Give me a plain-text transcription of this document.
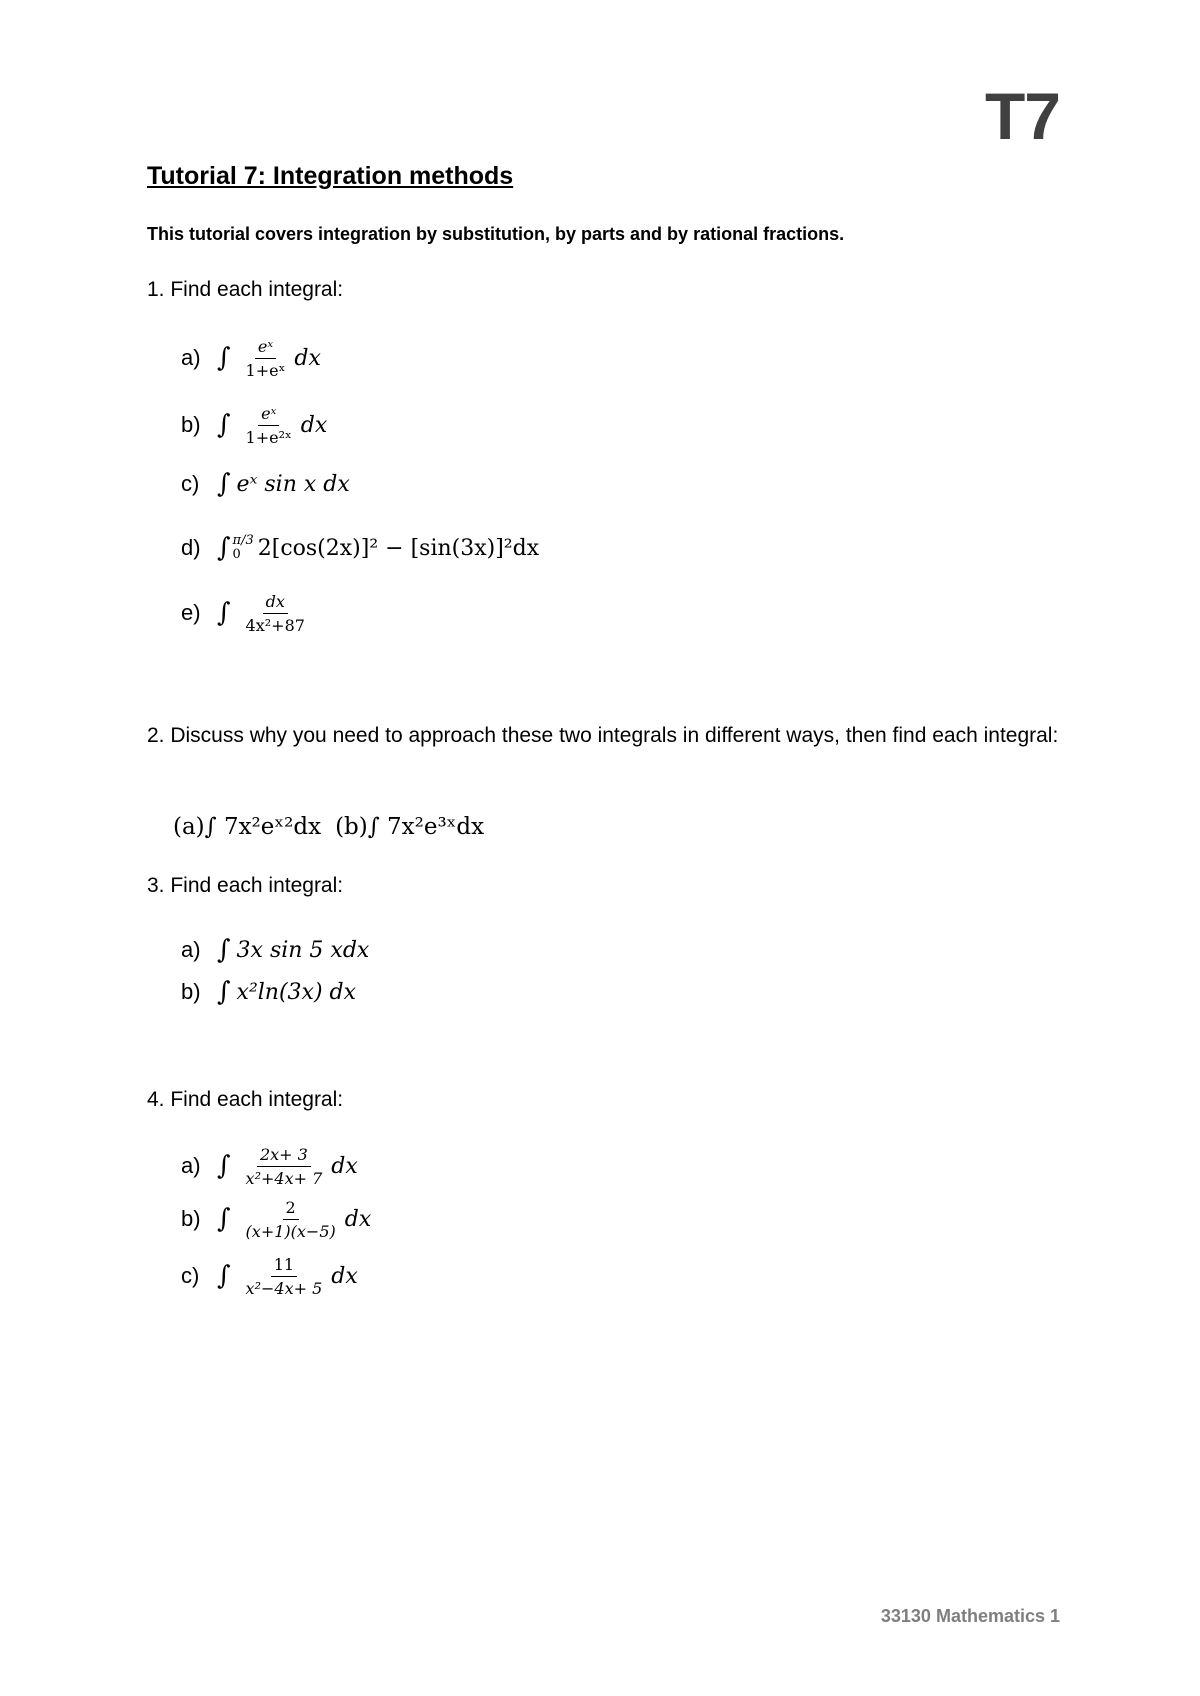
T7
Tutorial 7: Integration methods
This tutorial covers integration by substitution, by parts and by rational fractions.
1. Find each integral:
a) ∫ $\frac{\text{eˣ}}{\text{1+eˣ}}$ dx
b) ∫ $\frac{\text{eˣ}}{\text{1+e²ˣ}}$ dx
c) ∫ eˣ sin x dx
d) ∫ π/3
0 2[cos(2x)]² − [sin(3x)]²dx
e) ∫ $\frac{dx}{\text{4x²+87}}$
2. Discuss why you need to approach these two integrals in different ways, then find each integral:
(a)∫ 7x²eˣ²dx (b)∫ 7x²e³ˣdx
3. Find each integral:
a) ∫ 3x sin 5 xdx
b) ∫ x²ln(3x) dx
4. Find each integral:
a) ∫ $\frac{2x+ 3}{\text{x²+4x+ 7}}$ dx
b) ∫ $\frac{2}{(x+1)(x-5)}$ dx
c) ∫ $\frac{11}{\text{x²−4x+ 5}}$ dx
33130 Mathematics 1
